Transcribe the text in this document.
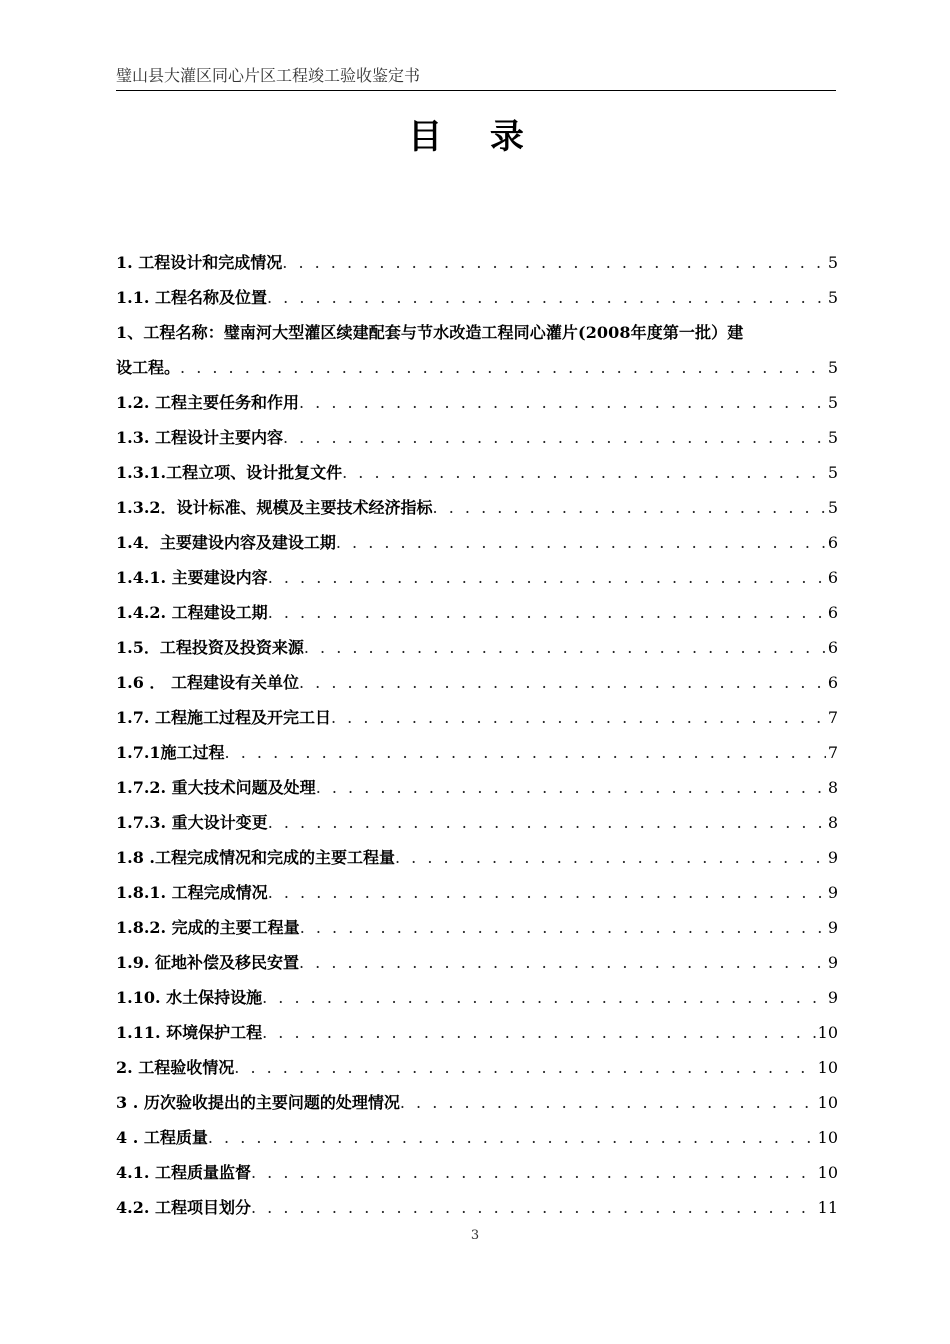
璧山县大灌区同心片区工程竣工验收鉴定书
目 录
1. 工程设计和完成情况 . . .	5
1.1. 工程名称及位置 . . .	5
1、工程名称：璧南河大型灌区续建配套与节水改造工程同心灌片(2008年度第一批）建
设工程。 . . .	5
1.2. 工程主要任务和作用 . . .	5
1.3. 工程设计主要内容 . . .	5
1.3.1.工程立项、设计批复文件 . . .	5
1.3.2．设计标准、规模及主要技术经济指标 . . .	5
1.4．主要建设内容及建设工期 . . .	6
1.4.1. 主要建设内容 . . .	6
1.4.2. 工程建设工期 . . .	6
1.5．工程投资及投资来源 . . .	6
1.6 ． 工程建设有关单位 . . .	6
1.7. 工程施工过程及开完工日 . . .	7
1.7.1施工过程 . . .	7
1.7.2. 重大技术问题及处理 . . .	8
1.7.3. 重大设计变更 . . .	8
1.8 .工程完成情况和完成的主要工程量 . . .	9
1.8.1. 工程完成情况 . . .	9
1.8.2. 完成的主要工程量 . . .	9
1.9. 征地补偿及移民安置 . . .	9
1.10. 水土保持设施 . . .	9
1.11. 环境保护工程 . . .	10
2. 工程验收情况 . . .	10
3 . 历次验收提出的主要问题的处理情况 . . .	10
4 . 工程质量 . . .	10
4.1. 工程质量监督 . . .	10
4.2. 工程项目划分 . . .	11
3
